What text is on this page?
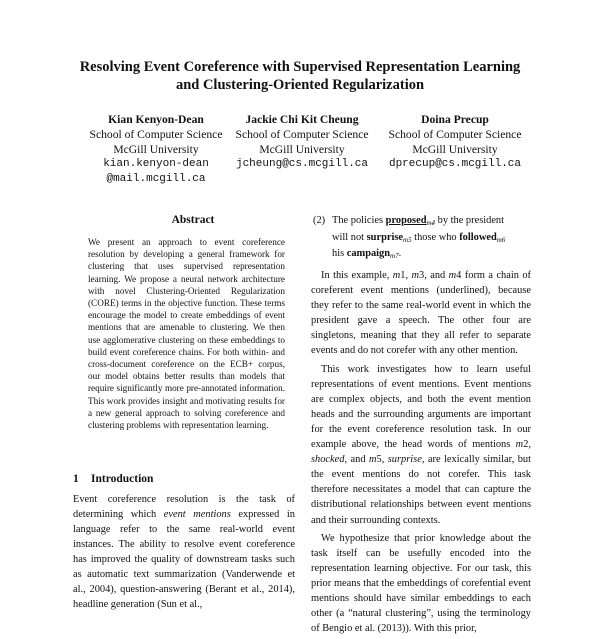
Resolving Event Coreference with Supervised Representation Learning
and Clustering-Oriented Regularization
Kian Kenyon-Dean
School of Computer Science
McGill University
kian.kenyon-dean
@mail.mcgill.ca
Jackie Chi Kit Cheung
School of Computer Science
McGill University
jcheung@cs.mcgill.ca
Doina Precup
School of Computer Science
McGill University
dprecup@cs.mcgill.ca
Abstract
We present an approach to event coreference resolution by developing a general framework for clustering that uses supervised representation learning. We propose a neural network architecture with novel Clustering-Oriented Regularization (CORE) terms in the objective function. These terms encourage the model to create embeddings of event mentions that are amenable to clustering. We then use agglomerative clustering on these embeddings to build event coreference chains. For both within- and cross-document coreference on the ECB+ corpus, our model obtains better results than models that require significantly more pre-annotated information. This work provides insight and motivating results for a new general approach to solving coreference and clustering problems with representation learning.
1 Introduction
Event coreference resolution is the task of determining which event mentions expressed in language refer to the same real-world event instances. The ability to resolve event coreference has improved the quality of downstream tasks such as automatic text summarization (Vanderwende et al., 2004), question-answering (Berant et al., 2014), headline generation (Sun et al.,
(2) The policies proposed$_{m4}$ by the president
will not surprise$_{m5}$ those who followed$_{m6}$
his campaign$_{m7}$.

In this example, m1, m3, and m4 form a chain of coreferent event mentions (underlined), because they refer to the same real-world event in which the president gave a speech. The other four are singletons, meaning that they all refer to separate events and do not corefer with any other mention.

This work investigates how to learn useful representations of event mentions. Event mentions are complex objects, and both the event mention heads and the surrounding arguments are important for the event coreference resolution task. In our example above, the head words of mentions m2, shocked, and m5, surprise, are lexically similar, but the event mentions do not corefer. This task therefore necessitates a model that can capture the distributional relationships between event mentions and their surrounding contexts.

We hypothesize that prior knowledge about the task itself can be usefully encoded into the representation learning objective. For our task, this prior means that the embeddings of corefential event mentions should have similar embeddings to each other (a “natural clustering”, using the terminology of Bengio et al. (2013)). With this prior,
